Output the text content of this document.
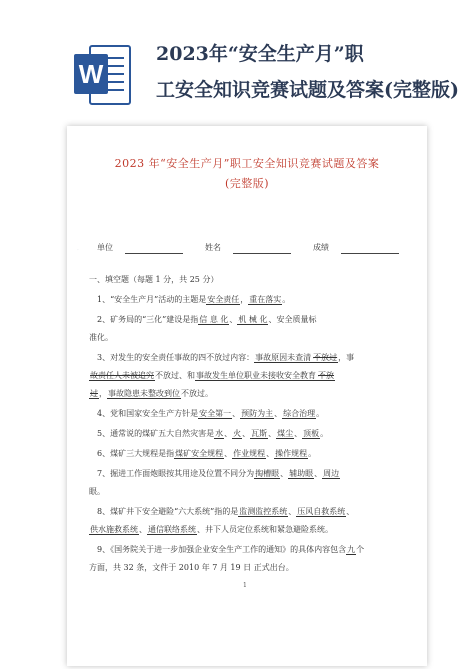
W
2023年“安全生产月”职
工安全知识竞赛试题及答案(完整版)
·
2023 年“安全生产月”职工安全知识竞赛试题及答案
(完整版)
单位	姓名	成绩
一、填空题（每题 1 分，共 25 分）
1、“安全生产月”活动的主题是安全责任，重在落实。
2、矿务局的“三化”建设是指信 息 化、机 械 化、安全质量标
准化。
3、对发生的安全责任事故的四不放过内容：事故原因未查清 不放过，事
故责任人未被追究不放过、和事故发生单位职业未接收安全教育 不放
过，事故隐患未整改到位不放过。
4、党和国家安全生产方针是安全第一、预防为主、综合治理。
5、通常说的煤矿五大自然灾害是水、火、瓦斯、煤尘、顶板。
6、煤矿三大规程是指煤矿安全规程、作业规程、操作规程。
7、掘进工作面炮眼按其用途及位置不同分为掏槽眼、辅助眼、周边
眼。
8、煤矿井下安全避险“六大系统”指的是监测监控系统、压风自救系统、
供水施救系统、通信联络系统、井下人员定位系统和紧急避险系统。
9、《国务院关于进一步加强企业安全生产工作的通知》的具体内容包含九个
方面，共 32 条，文件于 2010 年 7 月 19 日 正式出台。
1
